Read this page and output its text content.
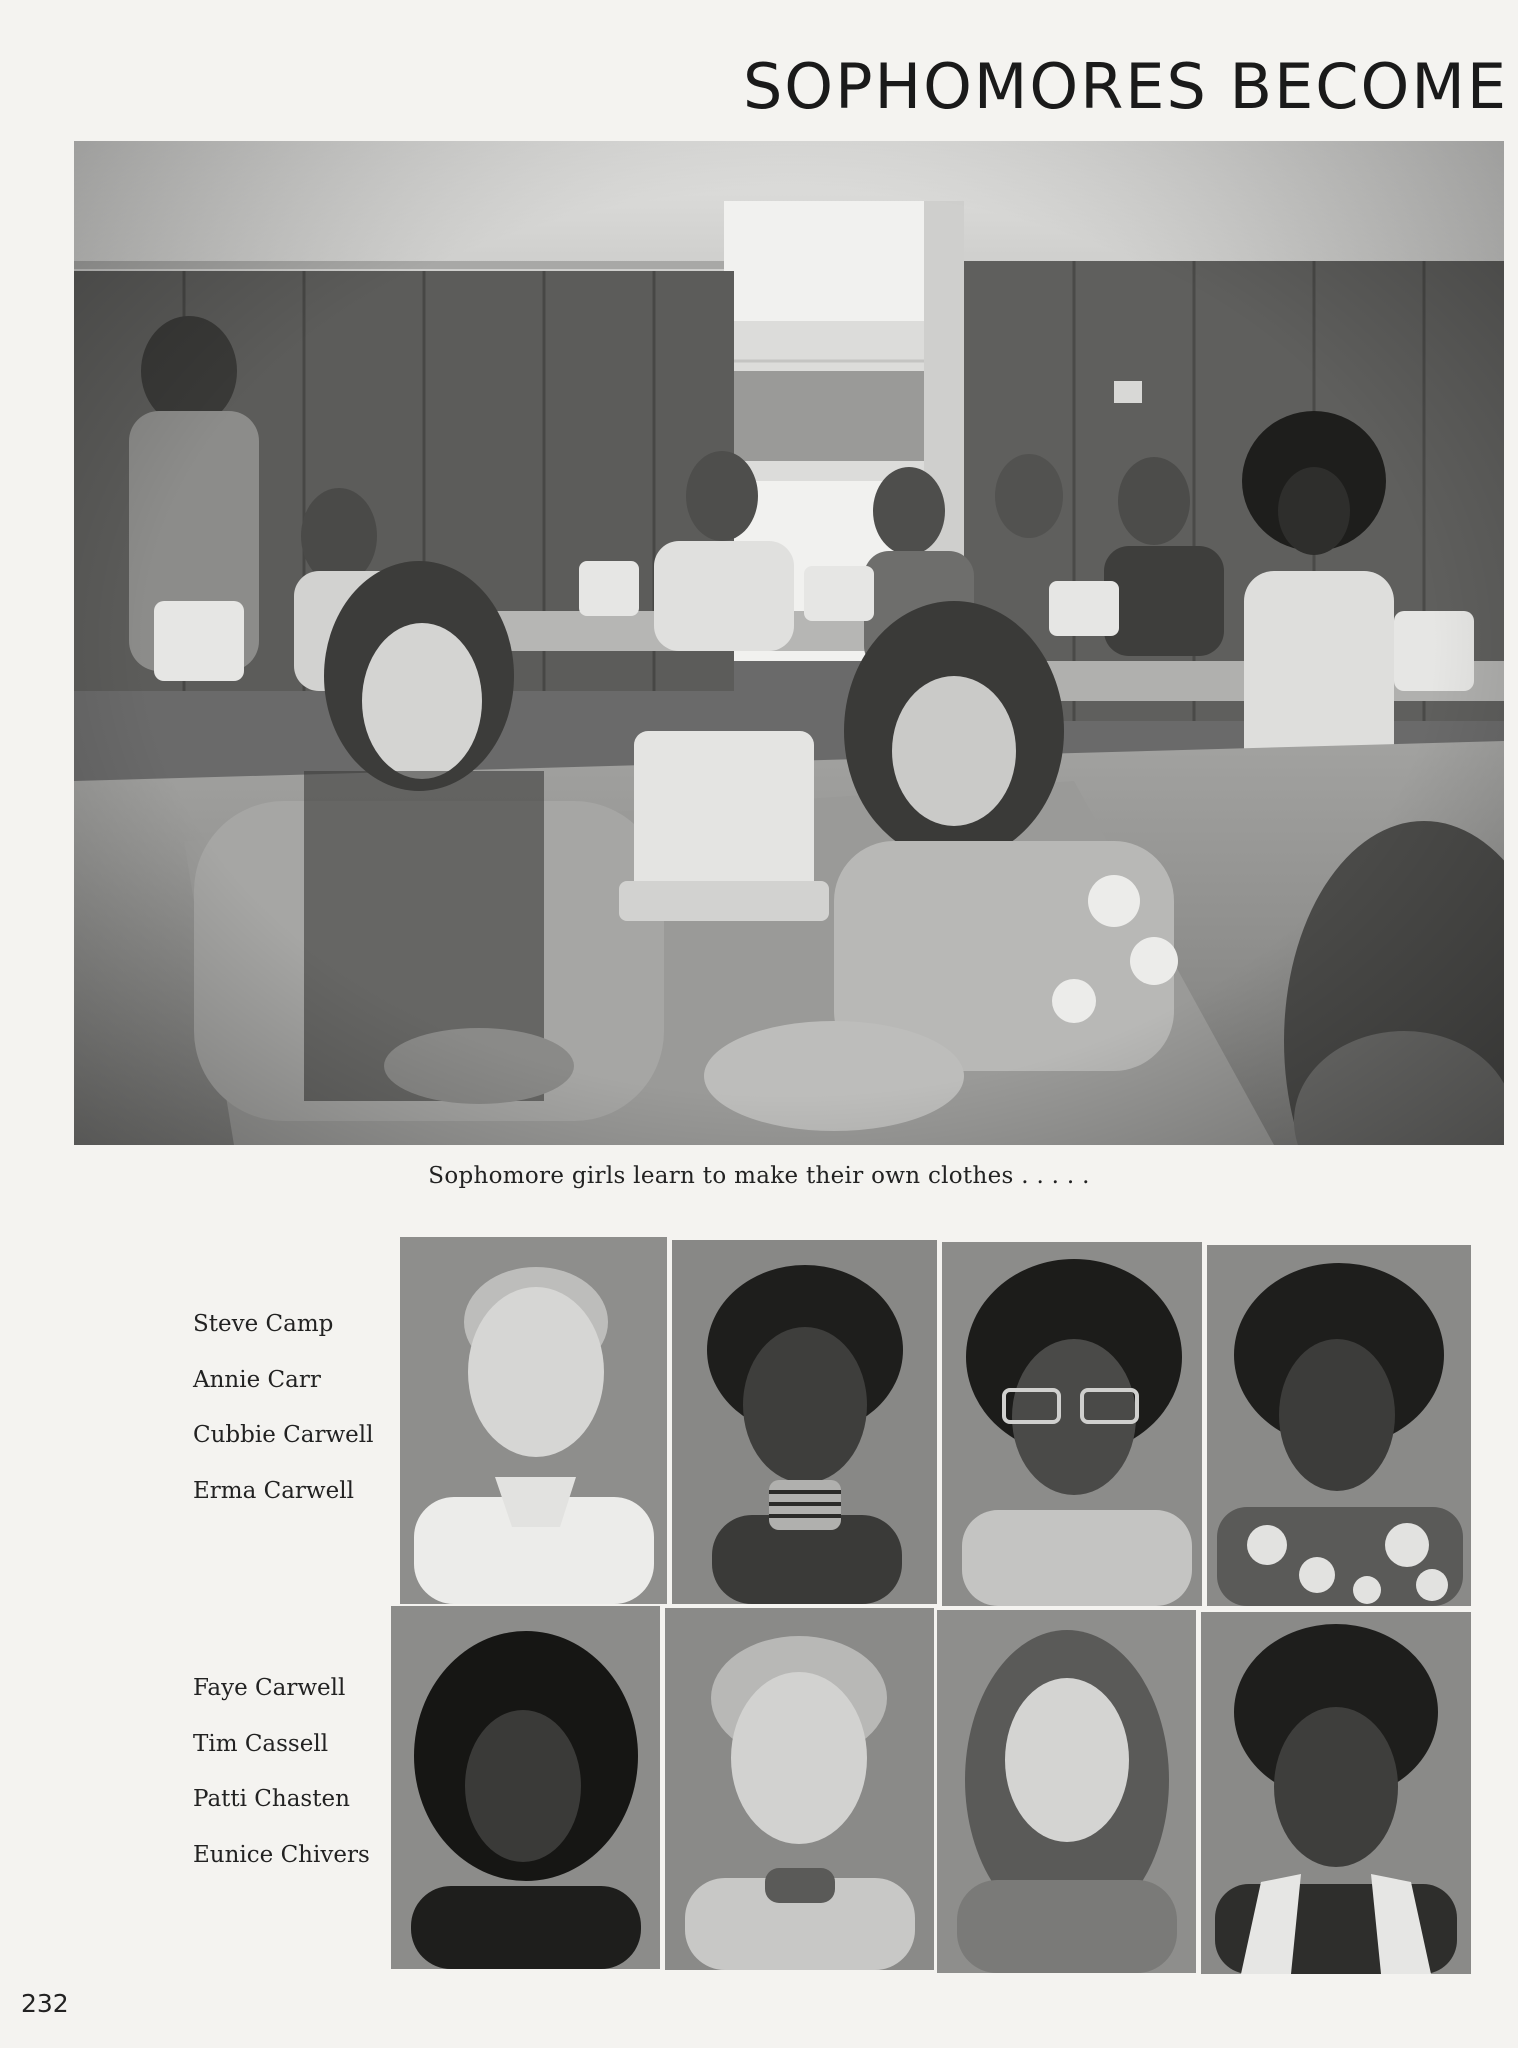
SOPHOMORES BECOME
Sophomore girls learn to make their own clothes . . . . .
Steve Camp
Annie Carr
Cubbie Carwell
Erma Carwell
Faye Carwell
Tim Cassell
Patti Chasten
Eunice Chivers
232
